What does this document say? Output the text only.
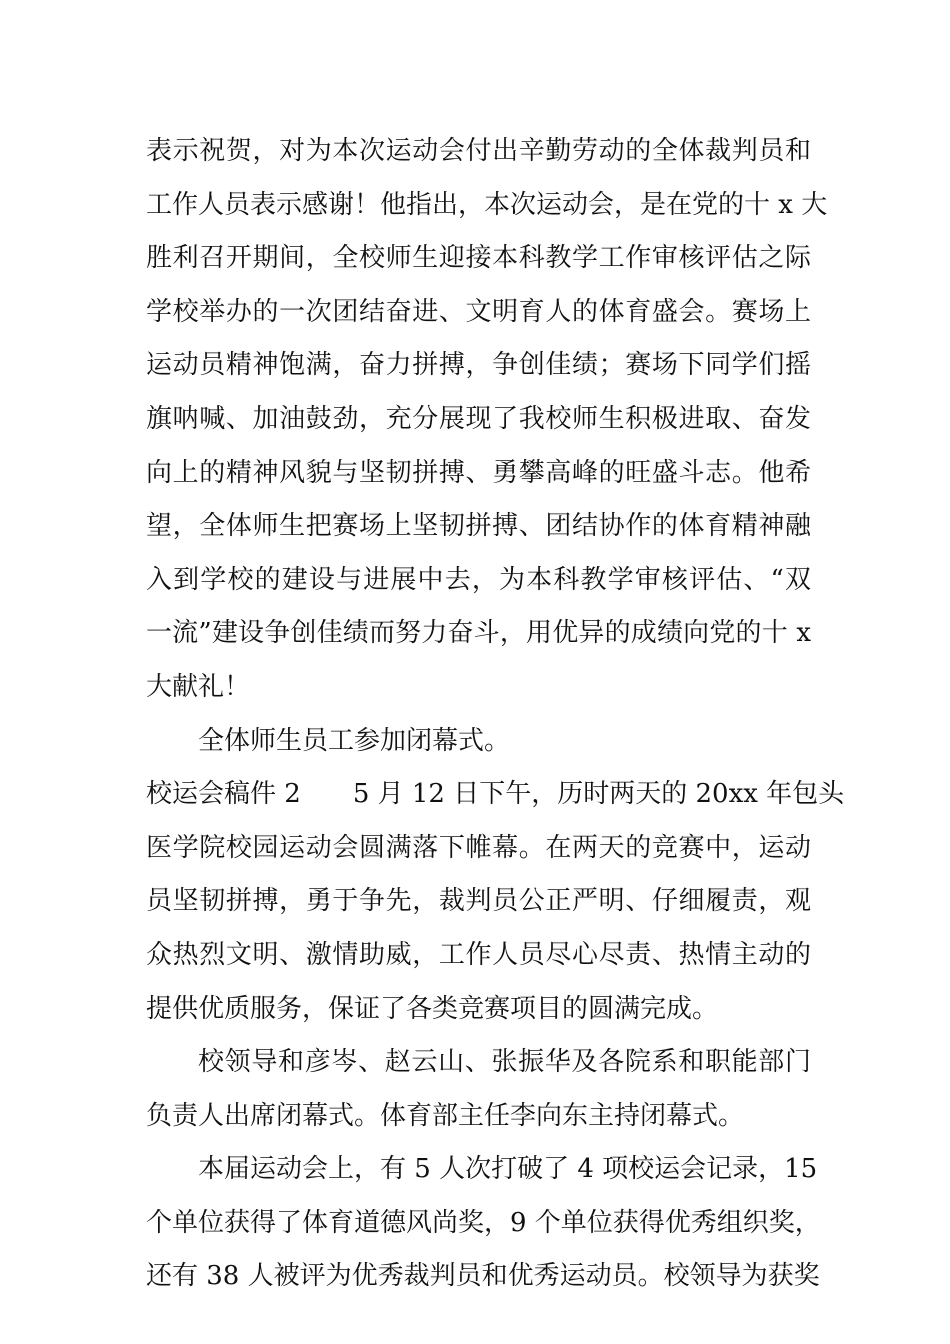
表示祝贺，对为本次运动会付出辛勤劳动的全体裁判员和
工作人员表示感谢！他指出，本次运动会，是在党的十 x 大
胜利召开期间，全校师生迎接本科教学工作审核评估之际
学校举办的一次团结奋进、文明育人的体育盛会。赛场上
运动员精神饱满，奋力拼搏，争创佳绩；赛场下同学们摇
旗呐喊、加油鼓劲，充分展现了我校师生积极进取、奋发
向上的精神风貌与坚韧拼搏、勇攀高峰的旺盛斗志。他希
望，全体师生把赛场上坚韧拼搏、团结协作的体育精神融
入到学校的建设与进展中去，为本科教学审核评估、“双
一流”建设争创佳绩而努力奋斗，用优异的成绩向党的十 x
大献礼！
全体师生员工参加闭幕式。
校运会稿件 2 5 月 12 日下午，历时两天的 20xx 年包头
医学院校园运动会圆满落下帷幕。在两天的竞赛中，运动
员坚韧拼搏，勇于争先，裁判员公正严明、仔细履责，观
众热烈文明、激情助威，工作人员尽心尽责、热情主动的
提供优质服务，保证了各类竞赛项目的圆满完成。
校领导和彦岑、赵云山、张振华及各院系和职能部门
负责人出席闭幕式。体育部主任李向东主持闭幕式。
本届运动会上，有 5 人次打破了 4 项校运会记录，15
个单位获得了体育道德风尚奖，9 个单位获得优秀组织奖，
还有 38 人被评为优秀裁判员和优秀运动员。校领导为获奖
